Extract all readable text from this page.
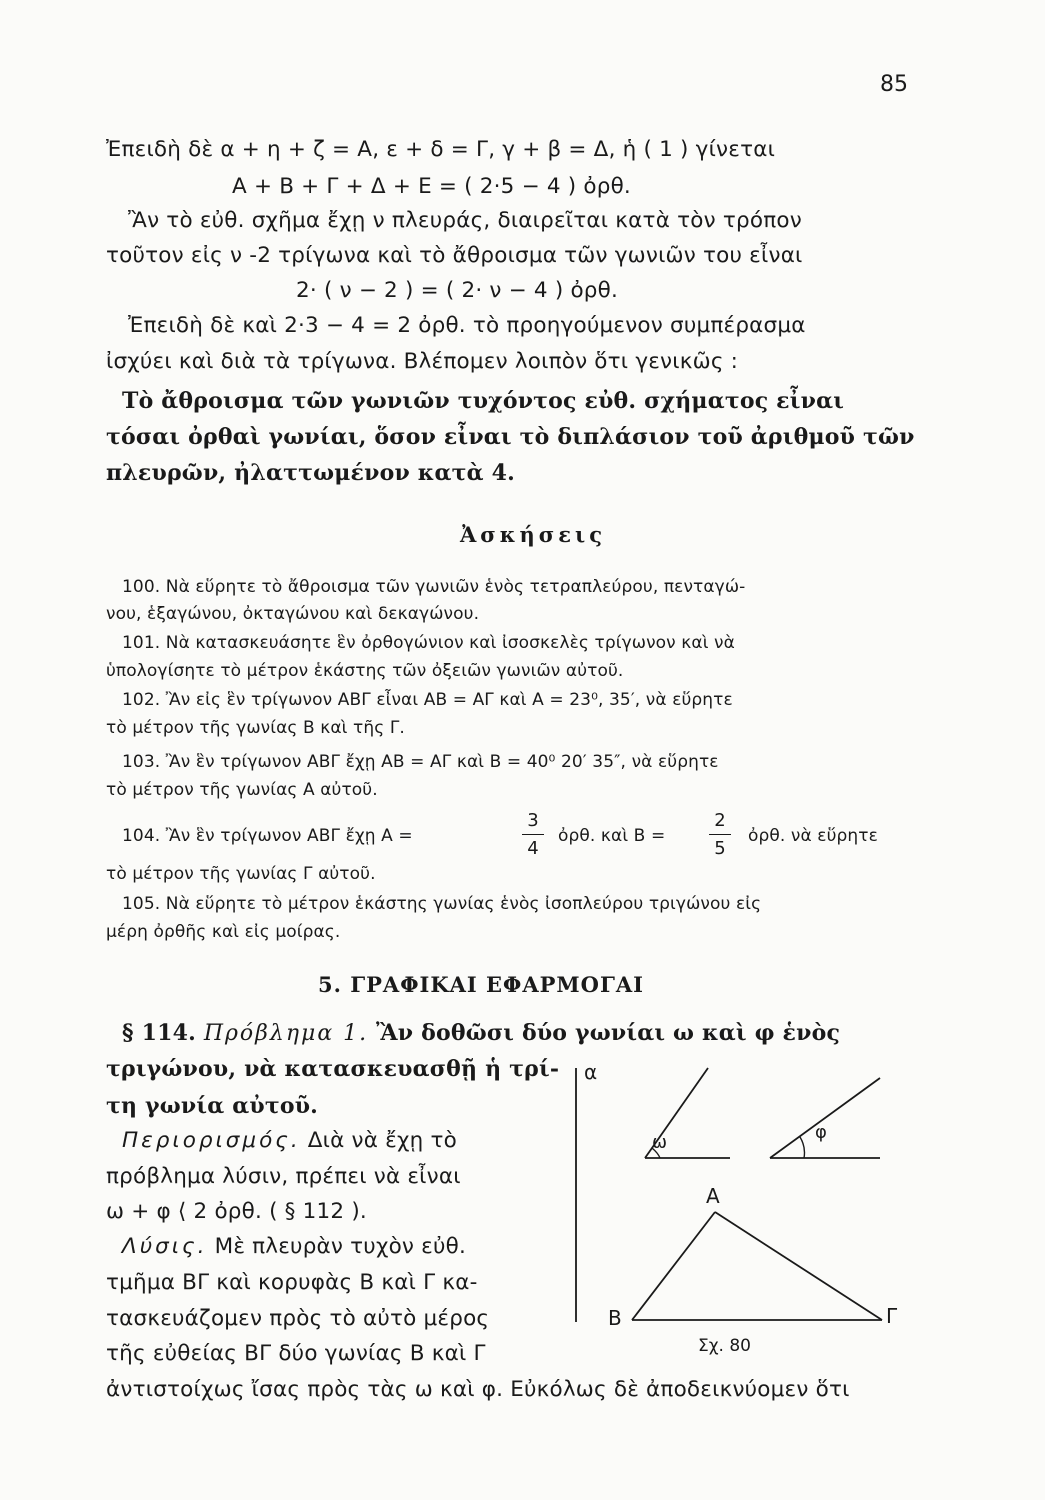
85
Ἐπειδὴ δὲ α + η + ζ = Α, ε + δ = Γ, γ + β = Δ, ἡ ( 1 ) γίνεται
Α + Β + Γ + Δ + Ε = ( 2·5 − 4 ) ὀρθ.
Ἂν τὸ εὐθ. σχῆμα ἔχῃ ν πλευράς, διαιρεῖται κατὰ τὸν τρόπον
τοῦτον εἰς ν -2 τρίγωνα καὶ τὸ ἄθροισμα τῶν γωνιῶν του εἶναι
2· ( ν − 2 ) = ( 2· ν − 4 ) ὀρθ.
Ἐπειδὴ δὲ καὶ 2·3 − 4 = 2 ὀρθ. τὸ προηγούμενον συμπέρασμα
ἰσχύει καὶ διὰ τὰ τρίγωνα. Βλέπομεν λοιπὸν ὅτι γενικῶς :
Τὸ ἄθροισμα τῶν γωνιῶν τυχόντος εὐθ. σχήματος εἶναι
τόσαι ὀρθαὶ γωνίαι, ὅσον εἶναι τὸ διπλάσιον τοῦ ἀριθμοῦ τῶν
πλευρῶν, ἠλαττωμένον κατὰ 4.
Ἀσκήσεις
100. Νὰ εὕρητε τὸ ἄθροισμα τῶν γωνιῶν ἑνὸς τετραπλεύρου, πενταγώ-
νου, ἑξαγώνου, ὀκταγώνου καὶ δεκαγώνου.
101. Νὰ κατασκευάσητε ἓν ὀρθογώνιον καὶ ἰσοσκελὲς τρίγωνον καὶ νὰ
ὑπολογίσητε τὸ μέτρον ἑκάστης τῶν ὀξειῶν γωνιῶν αὐτοῦ.
102. Ἂν εἰς ἓν τρίγωνον ΑΒΓ εἶναι ΑΒ = ΑΓ καὶ Α = 23⁰, 35′, νὰ εὕρητε
τὸ μέτρον τῆς γωνίας Β καὶ τῆς Γ.
103. Ἂν ἓν τρίγωνον ΑΒΓ ἔχῃ ΑΒ = ΑΓ καὶ Β = 40⁰ 20′ 35″, νὰ εὕρητε
τὸ μέτρον τῆς γωνίας Α αὐτοῦ.
104. Ἂν ἓν τρίγωνον ΑΒΓ ἔχῃ Α =
3
4
ὀρθ. καὶ Β =
2
5
ὀρθ. νὰ εὕρητε
τὸ μέτρον τῆς γωνίας Γ αὐτοῦ.
105. Νὰ εὕρητε τὸ μέτρον ἑκάστης γωνίας ἑνὸς ἰσοπλεύρου τριγώνου εἰς
μέρη ὀρθῆς καὶ εἰς μοίρας.
5. ΓΡΑΦΙΚΑΙ ΕΦΑΡΜΟΓΑΙ
§ 114. Πρόβλημα 1. Ἂν δοθῶσι δύο γωνίαι ω καὶ φ ἑνὸς
τριγώνου, νὰ κατασκευασθῇ ἡ τρί-
τη γωνία αὐτοῦ.
Περιορισμός. Διὰ νὰ ἔχῃ τὸ
πρόβλημα λύσιν, πρέπει νὰ εἶναι
ω + φ ⟨ 2 ὀρθ. ( § 112 ).
Λύσις. Μὲ πλευρὰν τυχὸν εὐθ.
τμῆμα ΒΓ καὶ κορυφὰς Β καὶ Γ κα-
τασκευάζομεν πρὸς τὸ αὐτὸ μέρος
τῆς εὐθείας ΒΓ δύο γωνίας Β καὶ Γ
ἀντιστοίχως ἴσας πρὸς τὰς ω καὶ φ. Εὐκόλως δὲ ἀποδεικνύομεν ὅτι
α
ω	φ
Α
Β	Γ
Σχ. 80
